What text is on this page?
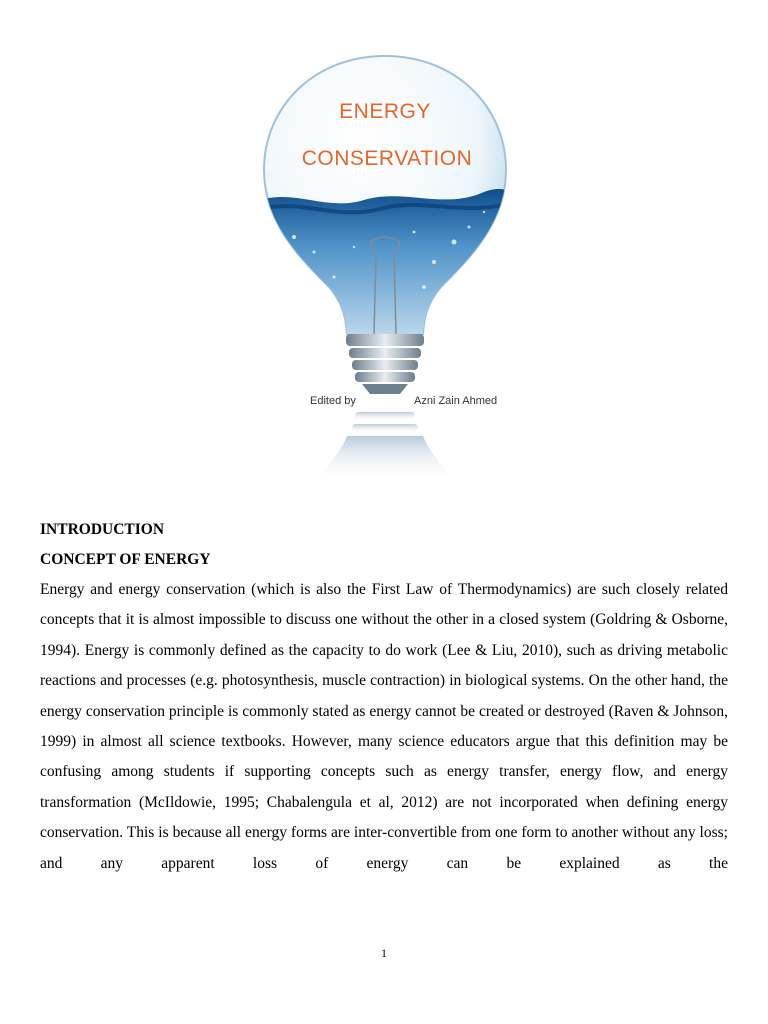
ENERGY
CONSERVATION
Edited by	Azni Zain Ahmed

INTRODUCTION

CONCEPT OF ENERGY

Energy and energy conservation (which is also the First Law of Thermodynamics) are such closely related concepts that it is almost impossible to discuss one without the other in a closed system (Goldring & Osborne, 1994). Energy is commonly defined as the capacity to do work (Lee & Liu, 2010), such as driving metabolic reactions and processes (e.g. photosynthesis, muscle contraction) in biological systems. On the other hand, the energy conservation principle is commonly stated as energy cannot be created or destroyed (Raven & Johnson, 1999) in almost all science textbooks. However, many science educators argue that this definition may be confusing among students if supporting concepts such as energy transfer, energy flow, and energy transformation (McIldowie, 1995; Chabalengula et al, 2012) are not incorporated when defining energy conservation. This is because all energy forms are inter-convertible from one form to another without any loss; and any apparent loss of energy can be explained as the

1
